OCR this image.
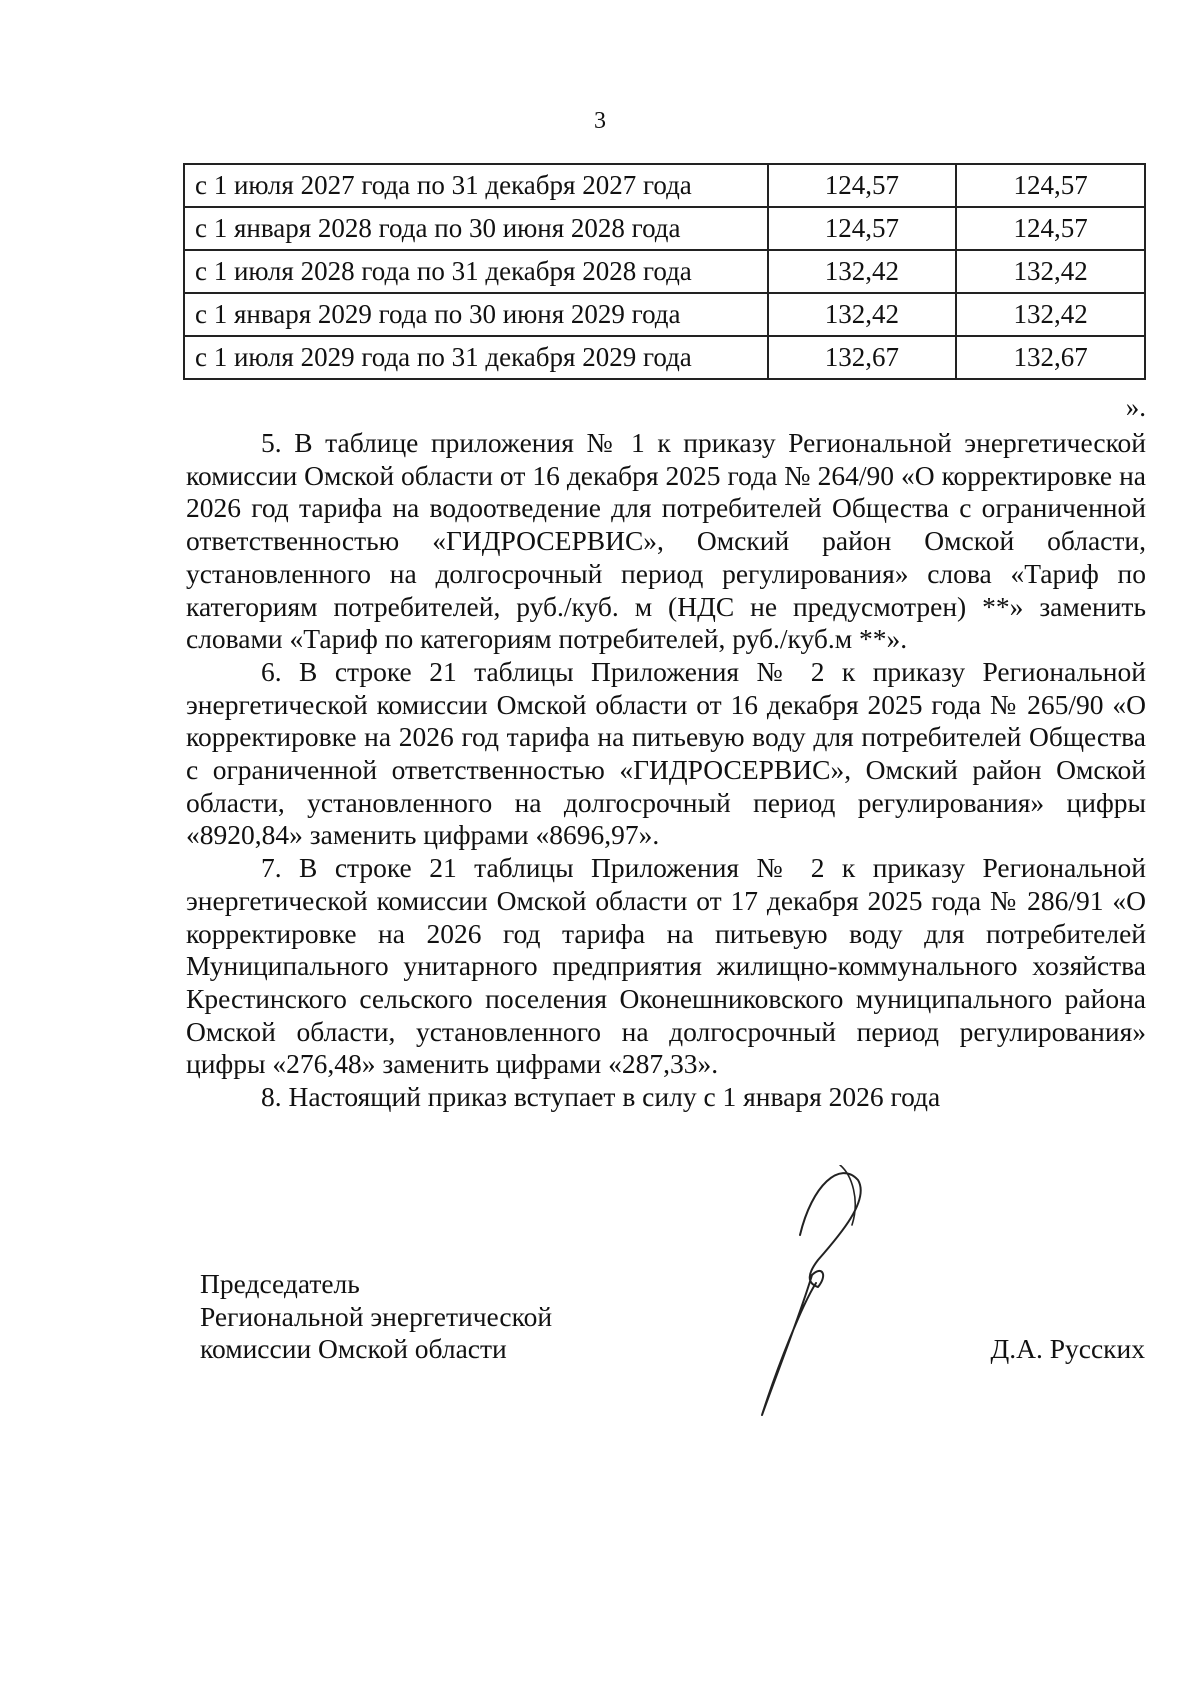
3
с 1 июля 2027 года по 31 декабря 2027 года	124,57	124,57
с 1 января 2028 года по 30 июня 2028 года	124,57	124,57
с 1 июля 2028 года по 31 декабря 2028 года	132,42	132,42
с 1 января 2029 года по 30 июня 2029 года	132,42	132,42
с 1 июля 2029 года по 31 декабря 2029 года	132,67	132,67
».

5. В таблице приложения № 1 к приказу Региональной энергетической комиссии Омской области от 16 декабря 2025 года № 264/90 «О корректировке на 2026 год тарифа на водоотведение для потребителей Общества с ограниченной ответственностью «ГИДРОСЕРВИС», Омский район Омской области, установленного на долгосрочный период регулирования» слова «Тариф по категориям потребителей, руб./куб. м (НДС не предусмотрен) **» заменить словами «Тариф по категориям потребителей, руб./куб.м **».

6. В строке 21 таблицы Приложения № 2 к приказу Региональной энергетической комиссии Омской области от 16 декабря 2025 года № 265/90 «О корректировке на 2026 год тарифа на питьевую воду для потребителей Общества с ограниченной ответственностью «ГИДРОСЕРВИС», Омский район Омской области, установленного на долгосрочный период регулирования» цифры «8920,84» заменить цифрами «8696,97».

7. В строке 21 таблицы Приложения № 2 к приказу Региональной энергетической комиссии Омской области от 17 декабря 2025 года № 286/91 «О корректировке на 2026 год тарифа на питьевую воду для потребителей Муниципального унитарного предприятия жилищно-коммунального хозяйства Крестинского сельского поселения Оконешниковского муниципального района Омской области, установленного на долгосрочный период регулирования» цифры «276,48» заменить цифрами «287,33».

8. Настоящий приказ вступает в силу с 1 января 2026 года

Председатель
Региональной энергетической
комиссии Омской области	Д.А. Русских
